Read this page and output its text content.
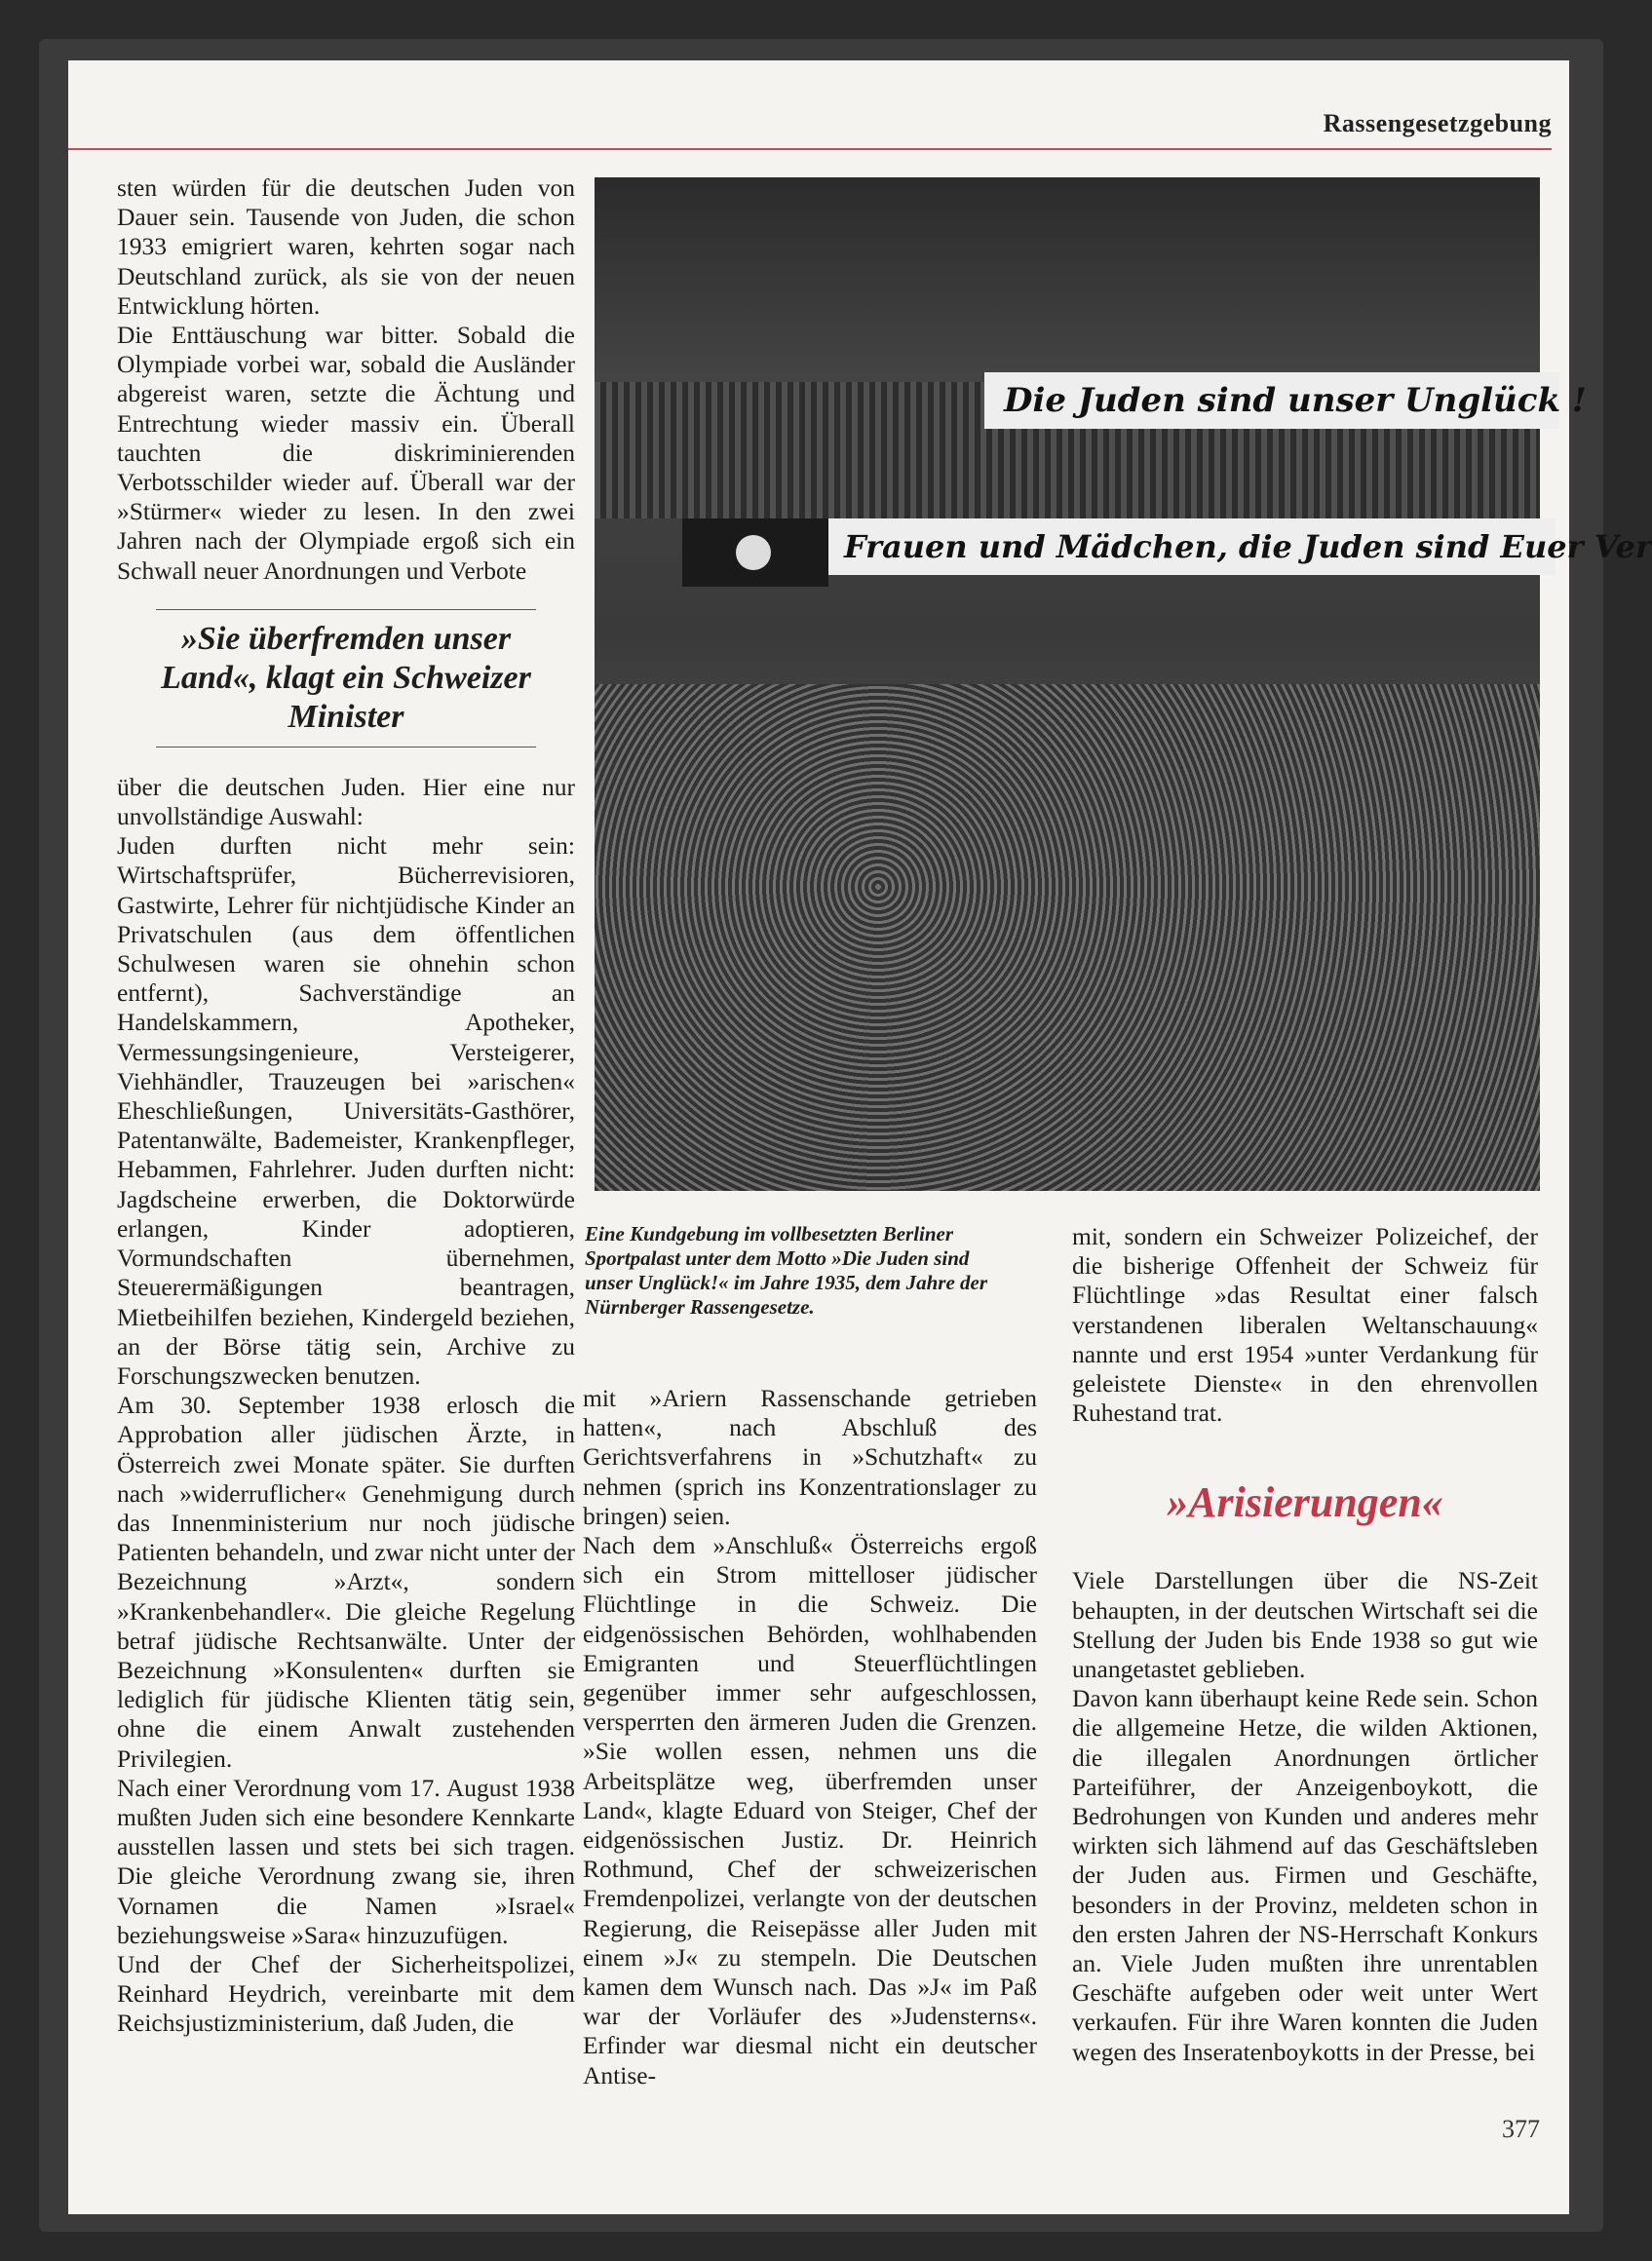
Rassengesetzgebung

sten würden für die deutschen Juden von Dauer sein. Tausende von Juden, die schon 1933 emigriert waren, kehrten sogar nach Deutschland zurück, als sie von der neuen Entwicklung hörten.

Die Enttäuschung war bitter. Sobald die Olympiade vorbei war, sobald die Ausländer abgereist waren, setzte die Ächtung und Entrechtung wieder massiv ein. Überall tauchten die diskriminierenden Verbotsschilder wieder auf. Überall war der »Stürmer« wieder zu lesen. In den zwei Jahren nach der Olympiade ergoß sich ein Schwall neuer Anordnungen und Verbote

»Sie überfremden unser Land«, klagt ein Schweizer Minister

über die deutschen Juden. Hier eine nur unvollständige Auswahl:

Juden durften nicht mehr sein: Wirtschaftsprüfer, Bücherrevisioren, Gastwirte, Lehrer für nichtjüdische Kinder an Privatschulen (aus dem öffentlichen Schulwesen waren sie ohnehin schon entfernt), Sachverständige an Handelskammern, Apotheker, Vermessungsingenieure, Versteigerer, Viehhändler, Trauzeugen bei »arischen« Eheschließungen, Universitäts-Gasthörer, Patentanwälte, Bademeister, Krankenpfleger, Hebammen, Fahrlehrer. Juden durften nicht: Jagdscheine erwerben, die Doktorwürde erlangen, Kinder adoptieren, Vormundschaften übernehmen, Steuerermäßigungen beantragen, Mietbeihilfen beziehen, Kindergeld beziehen, an der Börse tätig sein, Archive zu Forschungszwecken benutzen.

Am 30. September 1938 erlosch die Approbation aller jüdischen Ärzte, in Österreich zwei Monate später. Sie durften nach »widerruflicher« Genehmigung durch das Innenministerium nur noch jüdische Patienten behandeln, und zwar nicht unter der Bezeichnung »Arzt«, sondern »Krankenbehandler«. Die gleiche Regelung betraf jüdische Rechtsanwälte. Unter der Bezeichnung »Konsulenten« durften sie lediglich für jüdische Klienten tätig sein, ohne die einem Anwalt zustehenden Privilegien.

Nach einer Verordnung vom 17. August 1938 mußten Juden sich eine besondere Kennkarte ausstellen lassen und stets bei sich tragen. Die gleiche Verordnung zwang sie, ihren Vornamen die Namen »Israel« beziehungsweise »Sara« hinzuzufügen.

Und der Chef der Sicherheitspolizei, Reinhard Heydrich, vereinbarte mit dem Reichsjustizministerium, daß Juden, die

Die Juden sind unser Unglück !
Frauen und Mädchen, die Juden sind Euer Ver
Eine Kundgebung im vollbesetzten Berliner Sportpalast unter dem Motto »Die Juden sind unser Unglück!« im Jahre 1935, dem Jahre der Nürnberger Rassengesetze.

mit »Ariern Rassenschande getrieben hatten«, nach Abschluß des Gerichtsverfahrens in »Schutzhaft« zu nehmen (sprich ins Konzentrationslager zu bringen) seien.

Nach dem »Anschluß« Österreichs ergoß sich ein Strom mittelloser jüdischer Flüchtlinge in die Schweiz. Die eidgenössischen Behörden, wohlhabenden Emigranten und Steuerflüchtlingen gegenüber immer sehr aufgeschlossen, versperrten den ärmeren Juden die Grenzen. »Sie wollen essen, nehmen uns die Arbeitsplätze weg, überfremden unser Land«, klagte Eduard von Steiger, Chef der eidgenössischen Justiz. Dr. Heinrich Rothmund, Chef der schweizerischen Fremdenpolizei, verlangte von der deutschen Regierung, die Reisepässe aller Juden mit einem »J« zu stempeln. Die Deutschen kamen dem Wunsch nach. Das »J« im Paß war der Vorläufer des »Judensterns«. Erfinder war diesmal nicht ein deutscher Antise-

mit, sondern ein Schweizer Polizeichef, der die bisherige Offenheit der Schweiz für Flüchtlinge »das Resultat einer falsch verstandenen liberalen Weltanschauung« nannte und erst 1954 »unter Verdankung für geleistete Dienste« in den ehrenvollen Ruhestand trat.

»Arisierungen«

Viele Darstellungen über die NS-Zeit behaupten, in der deutschen Wirtschaft sei die Stellung der Juden bis Ende 1938 so gut wie unangetastet geblieben.

Davon kann überhaupt keine Rede sein. Schon die allgemeine Hetze, die wilden Aktionen, die illegalen Anordnungen örtlicher Parteiführer, der Anzeigenboykott, die Bedrohungen von Kunden und anderes mehr wirkten sich lähmend auf das Geschäftsleben der Juden aus. Firmen und Geschäfte, besonders in der Provinz, meldeten schon in den ersten Jahren der NS-Herrschaft Konkurs an. Viele Juden mußten ihre unrentablen Geschäfte aufgeben oder weit unter Wert verkaufen. Für ihre Waren konnten die Juden wegen des Inseratenboykotts in der Presse, bei

377
